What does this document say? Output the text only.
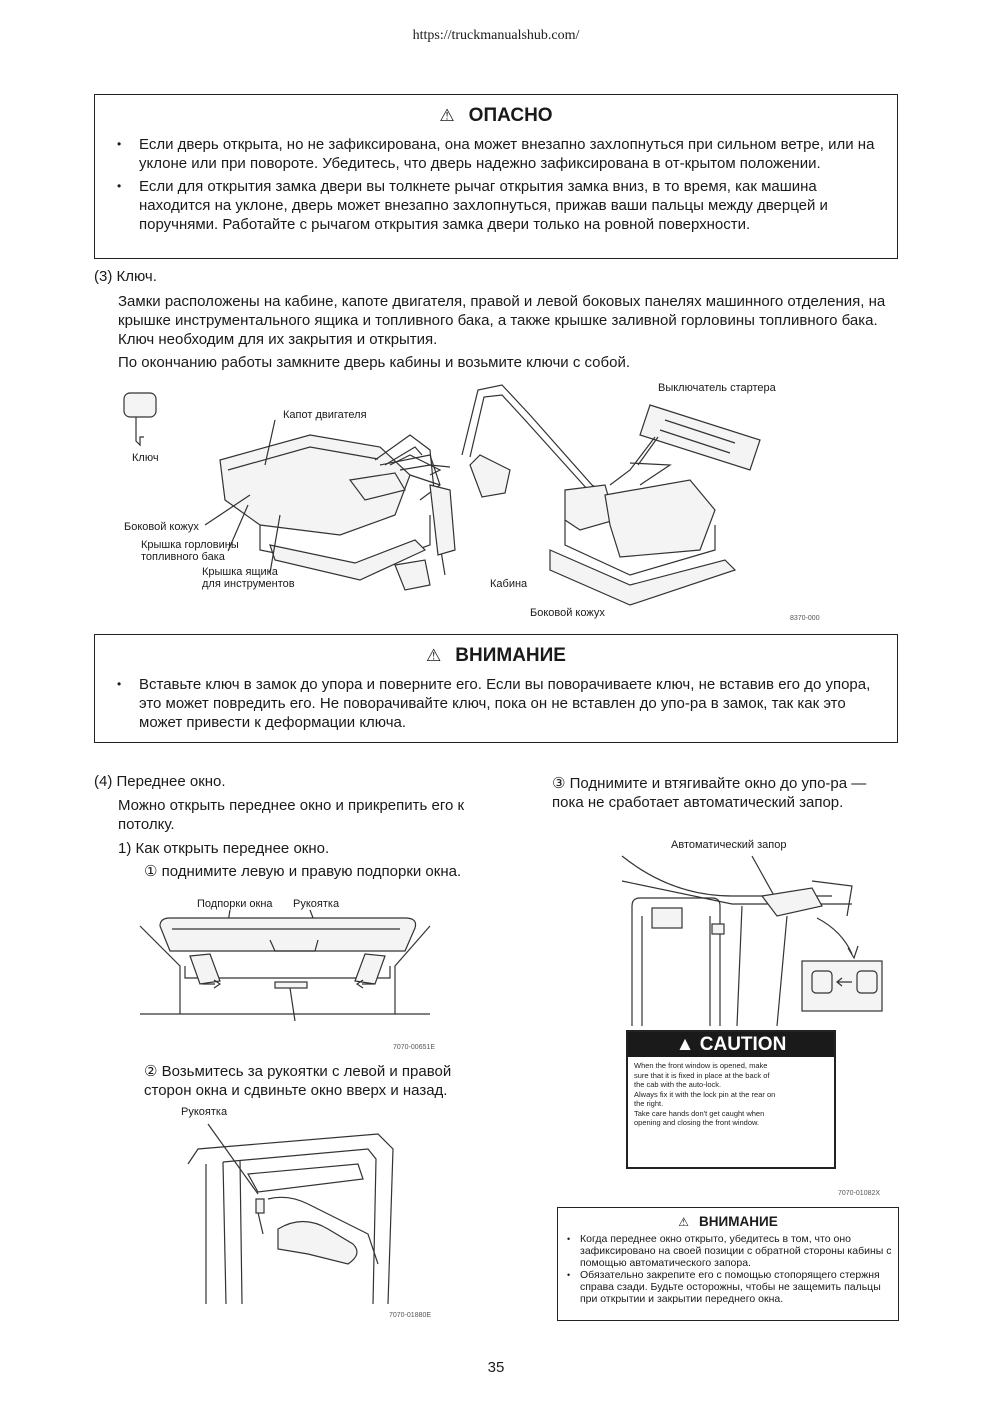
https://truckmanualshub.com/
⚠ ОПАСНО
• Если дверь открыта, но не зафиксирована, она может внезапно захлопнуться при сильном ветре, или на уклоне или при повороте. Убедитесь, что дверь надежно зафиксирована в от-крытом положении.
• Если для открытия замка двери вы толкнете рычаг открытия замка вниз, в то время, как машина находится на уклоне, дверь может внезапно захлопнуться, прижав ваши пальцы между дверцей и поручнями. Работайте с рычагом открытия замка двери только на ровной поверхности.

(3) Ключ.

Замки расположены на кабине, капоте двигателя, правой и левой боковых панелях машинного отделения, на крышке инструментального ящика и топливного бака, а также крышке заливной горловины топливного бака. Ключ необходим для их закрытия и открытия.

По окончанию работы замкните дверь кабины и возьмите ключи с собой.

Ключ
Капот двигателя
Боковой кожух
Крышка горловины
топливного бака
Крышка ящика
для инструментов
Выключатель стартера
Кабина
Боковой кожух	8370-000
⚠ ВНИМАНИЕ
• Вставьте ключ в замок до упора и поверните его. Если вы поворачиваете ключ, не вставив его до упора, это может повредить его. Не поворачивайте ключ, пока он не вставлен до упо-ра в замок, так как это может привести к деформации ключа.

(4) Переднее окно.

Можно открыть переднее окно и прикрепить его к потолку.

1) Как открыть переднее окно.

① поднимите левую и правую подпорки окна.

Подпорки окна Рукоятка
7070-00651E

② Возьмитесь за рукоятки с левой и правой сторон окна и сдвиньте окно вверх и назад.

Рукоятка
7070-01880E

③ Поднимите и втягивайте окно до упо-ра — пока не сработает автоматический запор.

Автоматический запор
▲ CAUTION
When the front window is opened, make
sure that it is fixed in place at the back of
the cab with the auto-lock.
Always fix it with the lock pin at the rear on
the right.
Take care hands don't get caught when
opening and closing the front window.
7070-01082X
⚠ ВНИМАНИЕ
• Когда переднее окно открыто, убедитесь в том, что оно зафиксировано на своей позиции с обратной стороны кабины с помощью автоматического запора.
• Обязательно закрепите его с помощью стопорящего стержня справа сзади. Будьте осторожны, чтобы не защемить пальцы при открытии и закрытии переднего окна.
35
